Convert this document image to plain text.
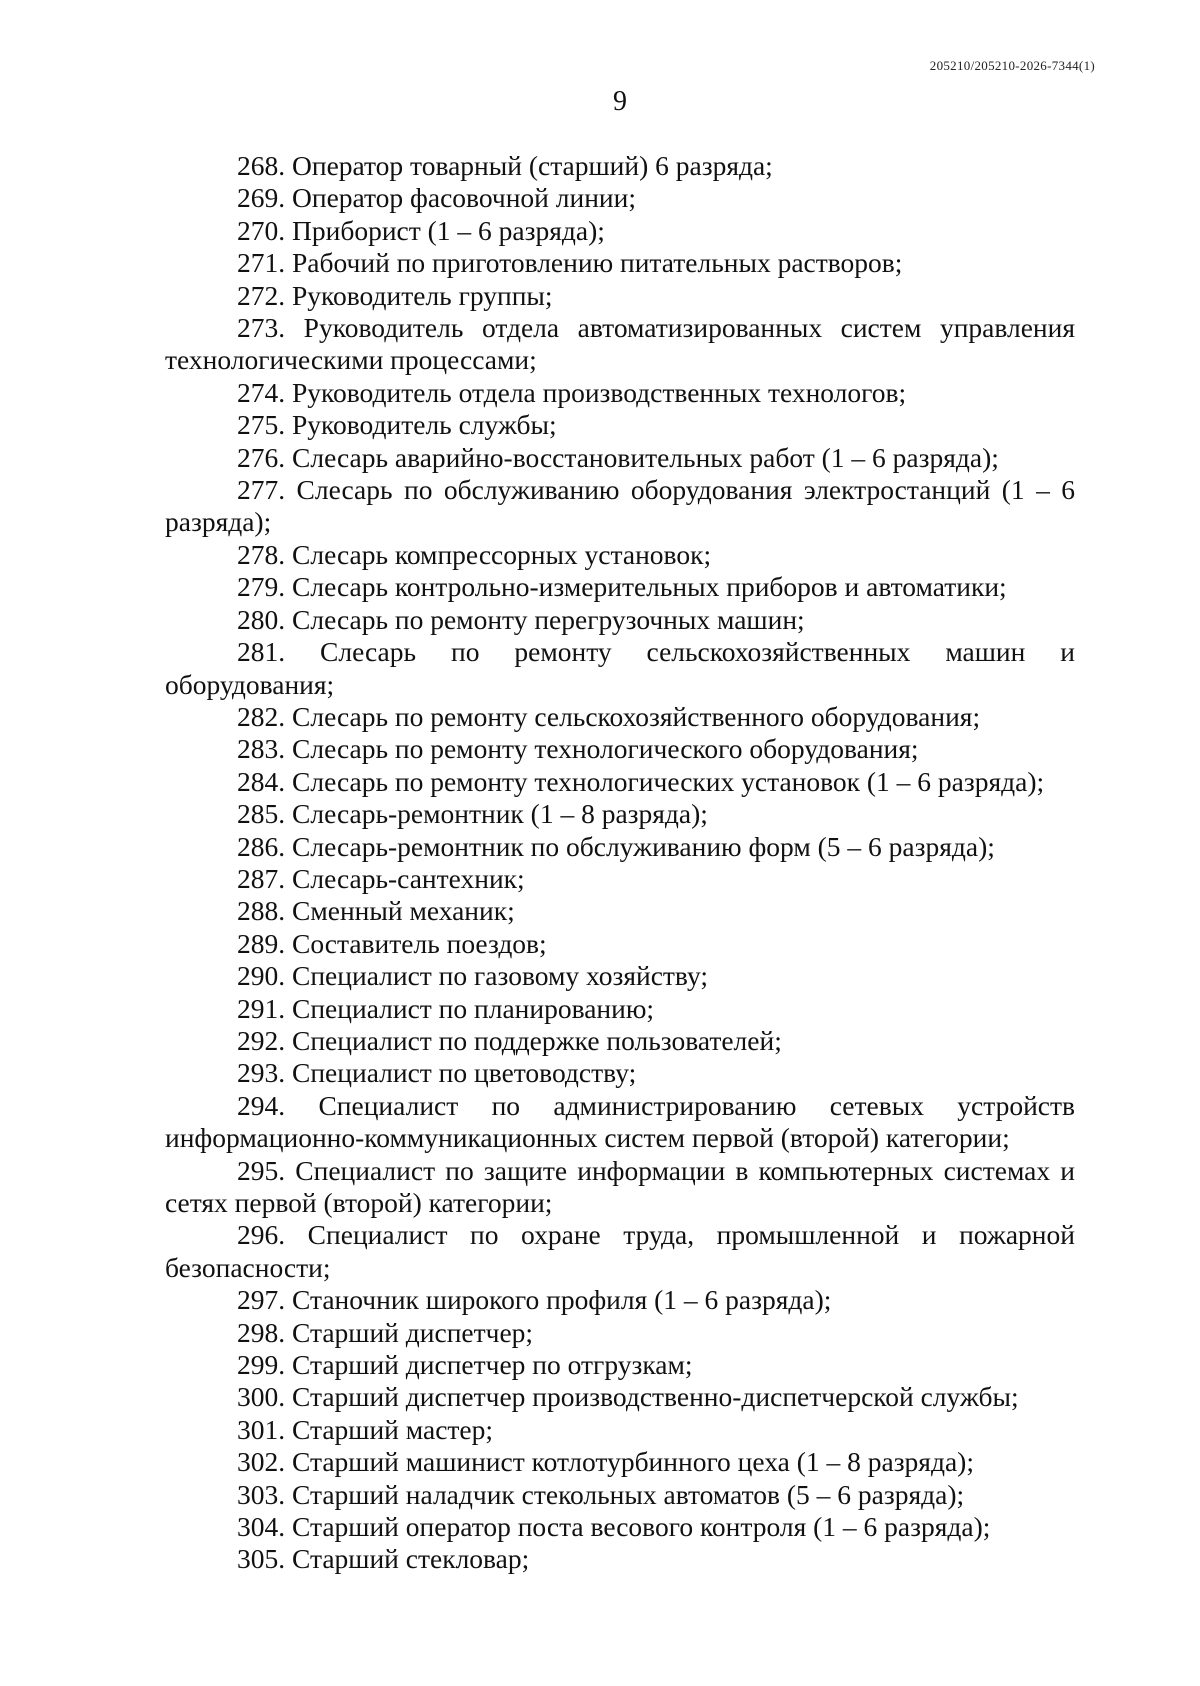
205210/205210-2026-7344(1)
9

268. Оператор товарный (старший) 6 разряда;

269. Оператор фасовочной линии;

270. Приборист (1 – 6 разряда);

271. Рабочий по приготовлению питательных растворов;

272. Руководитель группы;

273. Руководитель отдела автоматизированных систем управления технологическими процессами;

274. Руководитель отдела производственных технологов;

275. Руководитель службы;

276. Слесарь аварийно-восстановительных работ (1 – 6 разряда);

277. Слесарь по обслуживанию оборудования электростанций (1 – 6 разряда);

278. Слесарь компрессорных установок;

279. Слесарь контрольно-измерительных приборов и автоматики;

280. Слесарь по ремонту перегрузочных машин;

281. Слесарь по ремонту сельскохозяйственных машин и оборудования;

282. Слесарь по ремонту сельскохозяйственного оборудования;

283. Слесарь по ремонту технологического оборудования;

284. Слесарь по ремонту технологических установок (1 – 6 разряда);

285. Слесарь-ремонтник (1 – 8 разряда);

286. Слесарь-ремонтник по обслуживанию форм (5 – 6 разряда);

287. Слесарь-сантехник;

288. Сменный механик;

289. Составитель поездов;

290. Специалист по газовому хозяйству;

291. Специалист по планированию;

292. Специалист по поддержке пользователей;

293. Специалист по цветоводству;

294. Специалист по администрированию сетевых устройств информационно-коммуникационных систем первой (второй) категории;

295. Специалист по защите информации в компьютерных системах и сетях первой (второй) категории;

296. Специалист по охране труда, промышленной и пожарной безопасности;

297. Станочник широкого профиля (1 – 6 разряда);

298. Старший диспетчер;

299. Старший диспетчер по отгрузкам;

300. Старший диспетчер производственно-диспетчерской службы;

301. Старший мастер;

302. Старший машинист котлотурбинного цеха (1 – 8 разряда);

303. Старший наладчик стекольных автоматов (5 – 6 разряда);

304. Старший оператор поста весового контроля (1 – 6 разряда);

305. Старший стекловар;
